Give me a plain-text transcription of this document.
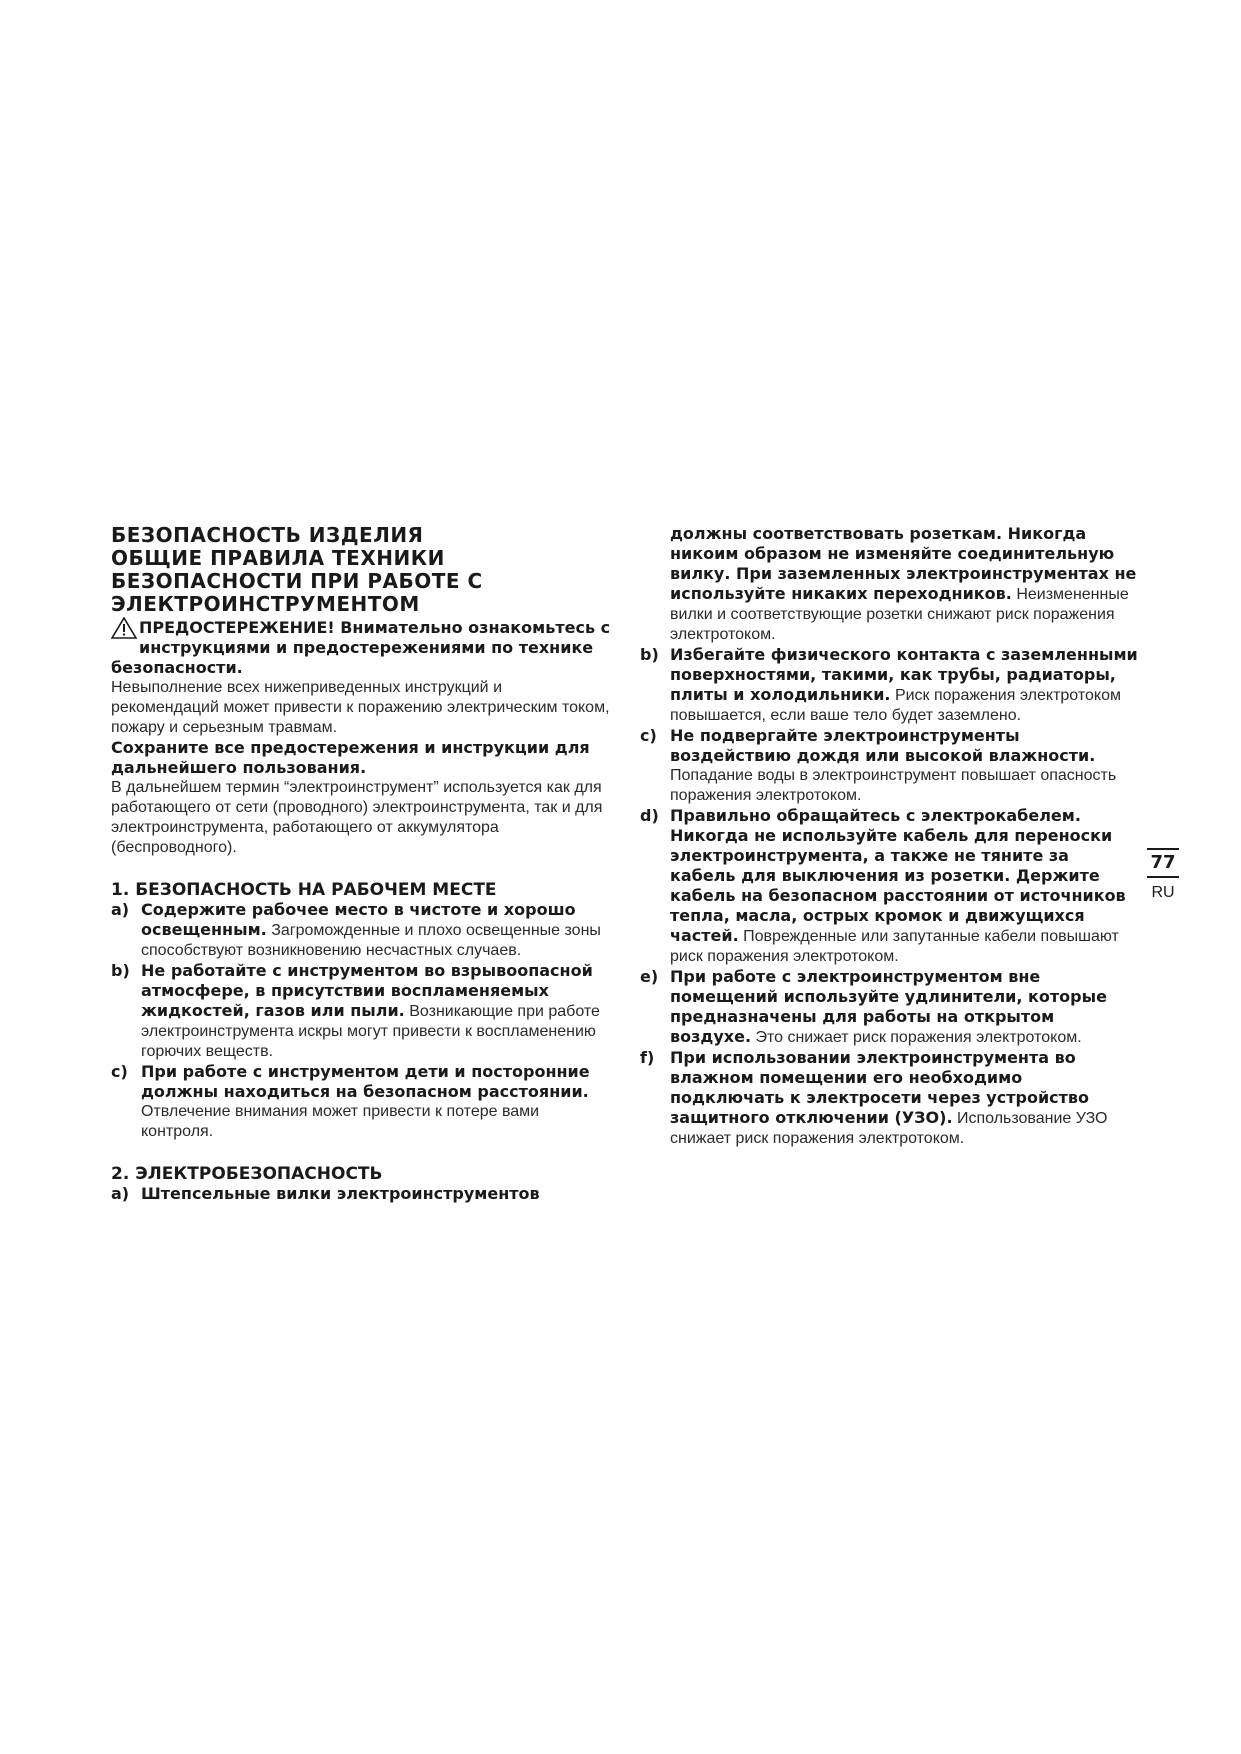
БЕЗОПАСНОСТЬ ИЗДЕЛИЯ
ОБЩИЕ ПРАВИЛА ТЕХНИКИ
БЕЗОПАСНОСТИ ПРИ РАБОТЕ С
ЭЛЕКТРОИНСТРУМЕНТОМ
ПРЕДОСТЕРЕЖЕНИЕ! Внимательно ознакомьтесь с инструкциями и предостережениями по технике безопасности.

Невыполнение всех нижеприведенных инструкций и рекомендаций может привести к поражению электрическим током, пожару и серьезным травмам.

Сохраните все предостережения и инструкции для дальнейшего пользования.

В дальнейшем термин “электроинструмент” используется как для работающего от сети (проводного) электроинструмента, так и для электроинструмента, работающего от аккумулятора (беспроводного).

1. БЕЗОПАСНОСТЬ НА РАБОЧЕМ МЕСТЕ
a) Содержите рабочее место в чистоте и хорошо освещенным. Загроможденные и плохо освещенные зоны способствуют возникновению несчастных случаев.
b) Не работайте с инструментом во взрывоопасной атмосфере, в присутствии воспламеняемых жидкостей, газов или пыли. Возникающие при работе электроинструмента искры могут привести к воспламенению горючих веществ.
c) При работе с инструментом дети и посторонние должны находиться на безопасном расстоянии. Отвлечение внимания может привести к потере вами контроля.
2. ЭЛЕКТРОБЕЗОПАСНОСТЬ
a) Штепсельные вилки электроинструментов
должны соответствовать розеткам. Никогда никоим образом не изменяйте соединительную вилку. При заземленных электроинструментах не используйте никаких переходников. Неизмененные вилки и соответствующие розетки снижают риск поражения электротоком.
b) Избегайте физического контакта с заземленными поверхностями, такими, как трубы, радиаторы, плиты и холодильники. Риск поражения электротоком повышается, если ваше тело будет заземлено.
c) Не подвергайте электроинструменты воздействию дождя или высокой влажности. Попадание воды в электроинструмент повышает опасность поражения электротоком.
d) Правильно обращайтесь с электрокабелем. Никогда не используйте кабель для переноски электроинструмента, а также не тяните за кабель для выключения из розетки. Держите кабель на безопасном расстоянии от источников тепла, масла, острых кромок и движущихся частей. Поврежденные или запутанные кабели повышают риск поражения электротоком.
e) При работе с электроинструментом вне помещений используйте удлинители, которые предназначены для работы на открытом воздухе. Это снижает риск поражения электротоком.
f) При использовании электроинструмента во влажном помещении его необходимо подключать к электросети через устройство защитного отключении (УЗО). Использование УЗО снижает риск поражения электротоком.
77
RU
